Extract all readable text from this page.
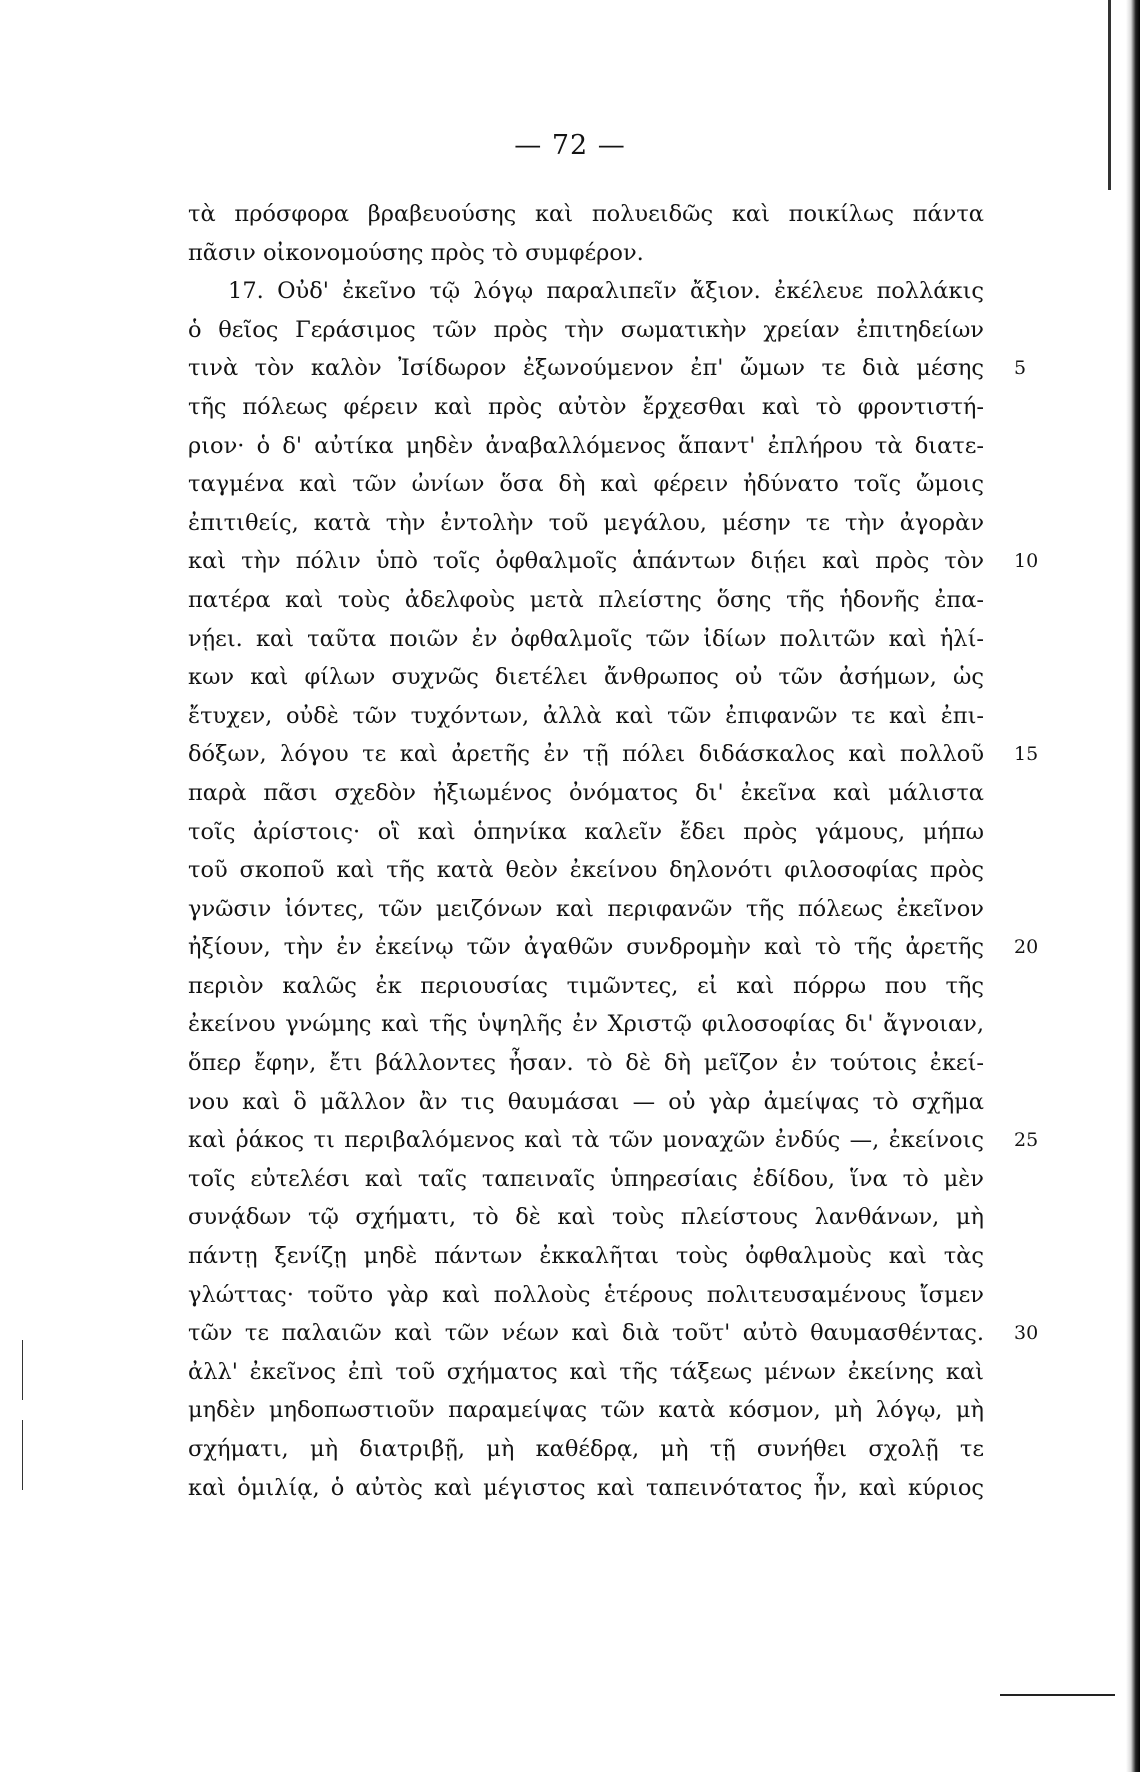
— 72 —
τὰ πρόσφορα βραβευούσης καὶ πολυειδῶς καὶ ποικίλως πάντα
πᾶσιν οἰκονομούσης πρὸς τὸ συμφέρον.
17. Οὐδ' ἐκεῖνο τῷ λόγῳ παραλιπεῖν ἄξιον. ἐκέλευε πολλάκις
ὁ θεῖος Γεράσιμος τῶν πρὸς τὴν σωματικὴν χρείαν ἐπιτηδείων
τινὰ τὸν καλὸν Ἰσίδωρον ἐξωνούμενον ἐπ' ὤμων τε διὰ μέσης
τῆς πόλεως φέρειν καὶ πρὸς αὐτὸν ἔρχεσθαι καὶ τὸ φροντιστή-
ριον· ὁ δ' αὐτίκα μηδὲν ἀναβαλλόμενος ἅπαντ' ἐπλήρου τὰ διατε-
ταγμένα καὶ τῶν ὠνίων ὅσα δὴ καὶ φέρειν ἠδύνατο τοῖς ὤμοις
ἐπιτιθείς, κατὰ τὴν ἐντολὴν τοῦ μεγάλου, μέσην τε τὴν ἀγορὰν
καὶ τὴν πόλιν ὑπὸ τοῖς ὀφθαλμοῖς ἁπάντων διῄει καὶ πρὸς τὸν
πατέρα καὶ τοὺς ἀδελφοὺς μετὰ πλείστης ὅσης τῆς ἡδονῆς ἐπα-
νῄει. καὶ ταῦτα ποιῶν ἐν ὀφθαλμοῖς τῶν ἰδίων πολιτῶν καὶ ἡλί-
κων καὶ φίλων συχνῶς διετέλει ἄνθρωπος οὐ τῶν ἀσήμων, ὡς
ἔτυχεν, οὐδὲ τῶν τυχόντων, ἀλλὰ καὶ τῶν ἐπιφανῶν τε καὶ ἐπι-
δόξων, λόγου τε καὶ ἀρετῆς ἐν τῇ πόλει διδάσκαλος καὶ πολλοῦ
παρὰ πᾶσι σχεδὸν ἠξιωμένος ὀνόματος δι' ἐκεῖνα καὶ μάλιστα
τοῖς ἀρίστοις· οἳ καὶ ὁπηνίκα καλεῖν ἔδει πρὸς γάμους, μήπω
τοῦ σκοποῦ καὶ τῆς κατὰ θεὸν ἐκείνου δηλονότι φιλοσοφίας πρὸς
γνῶσιν ἰόντες, τῶν μειζόνων καὶ περιφανῶν τῆς πόλεως ἐκεῖνον
ἠξίουν, τὴν ἐν ἐκείνῳ τῶν ἀγαθῶν συνδρομὴν καὶ τὸ τῆς ἀρετῆς
περιὸν καλῶς ἐκ περιουσίας τιμῶντες, εἰ καὶ πόρρω που τῆς
ἐκείνου γνώμης καὶ τῆς ὑψηλῆς ἐν Χριστῷ φιλοσοφίας δι' ἄγνοιαν,
ὅπερ ἔφην, ἔτι βάλλοντες ἦσαν. τὸ δὲ δὴ μεῖζον ἐν τούτοις ἐκεί-
νου καὶ ὃ μᾶλλον ἂν τις θαυμάσαι — οὐ γὰρ ἀμείψας τὸ σχῆμα
καὶ ῥάκος τι περιβαλόμενος καὶ τὰ τῶν μοναχῶν ἐνδύς —, ἐκείνοις
τοῖς εὐτελέσι καὶ ταῖς ταπειναῖς ὑπηρεσίαις ἐδίδου, ἵνα τὸ μὲν
συνᾴδων τῷ σχήματι, τὸ δὲ καὶ τοὺς πλείστους λανθάνων, μὴ
πάντῃ ξενίζῃ μηδὲ πάντων ἐκκαλῆται τοὺς ὀφθαλμοὺς καὶ τὰς
γλώττας· τοῦτο γὰρ καὶ πολλοὺς ἑτέρους πολιτευσαμένους ἴσμεν
τῶν τε παλαιῶν καὶ τῶν νέων καὶ διὰ τοῦτ' αὐτὸ θαυμασθέντας.
ἀλλ' ἐκεῖνος ἐπὶ τοῦ σχήματος καὶ τῆς τάξεως μένων ἐκείνης καὶ
μηδὲν μηδοπωστιοῦν παραμείψας τῶν κατὰ κόσμον, μὴ λόγῳ, μὴ
σχήματι, μὴ διατριβῇ, μὴ καθέδρᾳ, μὴ τῇ συνήθει σχολῇ τε
καὶ ὁμιλίᾳ, ὁ αὐτὸς καὶ μέγιστος καὶ ταπεινότατος ἦν, καὶ κύριος
5
10
15
20
25
30
